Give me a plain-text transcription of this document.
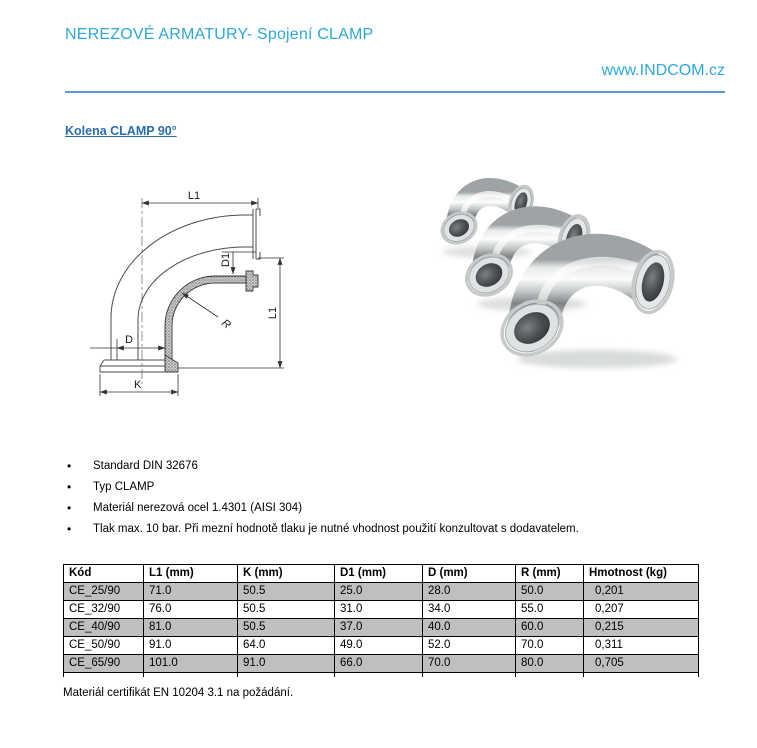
NEREZOVÉ ARMATURY- Spojení CLAMP
www.INDCOM.cz
Kolena CLAMP 90°
L1
L1
D1
R
D
K
• Standard DIN 32676
• Typ CLAMP
• Materiál nerezová ocel 1.4301 (AISI 304)
• Tlak max. 10 bar. Při mezní hodnotě tlaku je nutné vhodnost použití konzultovat s dodavatelem.
Kód	L1 (mm)	K (mm)	D1 (mm)	D (mm)	R (mm)	Hmotnost (kg)
CE_25/90	71.0	50.5	25.0	28.0	50.0	0,201
CE_32/90	76.0	50.5	31.0	34.0	55.0	0,207
CE_40/90	81.0	50.5	37.0	40.0	60.0	0,215
CE_50/90	91.0	64.0	49.0	52.0	70.0	0,311
CE_65/90	101.0	91.0	66.0	70.0	80.0	0,705

Materiál certifikát EN 10204 3.1 na požádání.
